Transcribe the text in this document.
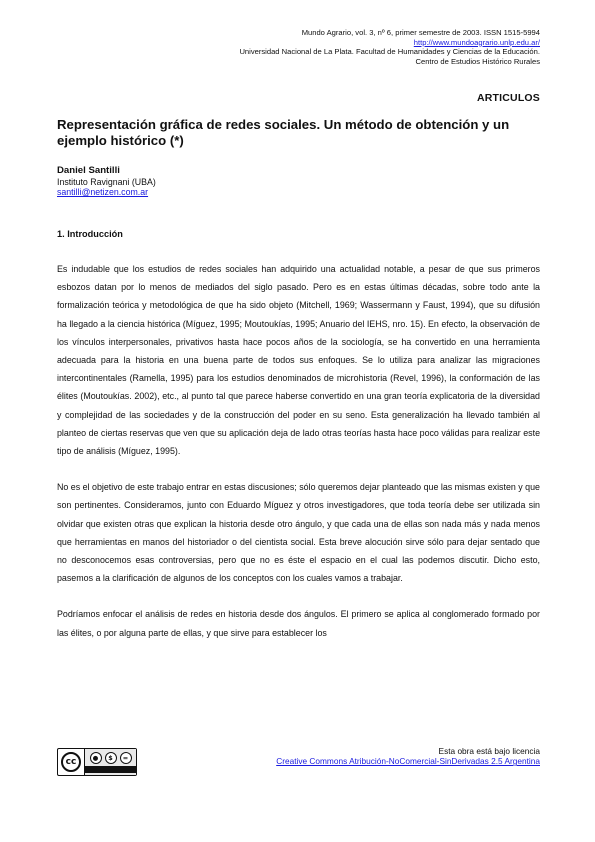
Mundo Agrario, vol. 3, nº 6, primer semestre de 2003. ISSN 1515-5994
http://www.mundoagrario.unlp.edu.ar/
Universidad Nacional de La Plata. Facultad de Humanidades y Ciencias de la Educación.
Centro de Estudios Histórico Rurales
ARTICULOS
Representación gráfica de redes sociales. Un método de obtención y un ejemplo histórico (*)
Daniel Santilli
Instituto Ravignani (UBA)
santilli@netizen.com.ar
1. Introducción

Es indudable que los estudios de redes sociales han adquirido una actualidad notable, a pesar de que sus primeros esbozos datan por lo menos de mediados del siglo pasado. Pero es en estas últimas décadas, sobre todo ante la formalización teórica y metodológica de que ha sido objeto (Mitchell, 1969; Wassermann y Faust, 1994), que su difusión ha llegado a la ciencia histórica (Míguez, 1995; Moutoukías, 1995; Anuario del IEHS, nro. 15). En efecto, la observación de los vínculos interpersonales, privativos hasta hace pocos años de la sociología, se ha convertido en una herramienta adecuada para la historia en una buena parte de todos sus enfoques. Se lo utiliza para analizar las migraciones intercontinentales (Ramella, 1995) para los estudios denominados de microhistoria (Revel, 1996), la conformación de las élites (Moutoukías. 2002), etc., al punto tal que parece haberse convertido en una gran teoría explicatoria de la diversidad y complejidad de las sociedades y de la construcción del poder en su seno. Esta generalización ha llevado también al planteo de ciertas reservas que ven que su aplicación deja de lado otras teorías hasta hace poco válidas para realizar este tipo de análisis (Míguez, 1995).

No es el objetivo de este trabajo entrar en estas discusiones; sólo queremos dejar planteado que las mismas existen y que son pertinentes. Consideramos, junto con Eduardo Míguez y otros investigadores, que toda teoría debe ser utilizada sin olvidar que existen otras que explican la historia desde otro ángulo, y que cada una de ellas son nada más y nada menos que herramientas en manos del historiador o del cientista social. Esta breve alocución sirve sólo para dejar sentado que no desconocemos esas controversias, pero que no es éste el espacio en el cual las podemos discutir. Dicho esto, pasemos a la clarificación de algunos de los conceptos con los cuales vamos a trabajar.

Podríamos enfocar el análisis de redes en historia desde dos ángulos. El primero se aplica al conglomerado formado por las élites, o por alguna parte de ellas, y que sirve para establecer los

cc	●	$	=
Esta obra está bajo licencia
Creative Commons Atribución-NoComercial-SinDerivadas 2.5 Argentina
